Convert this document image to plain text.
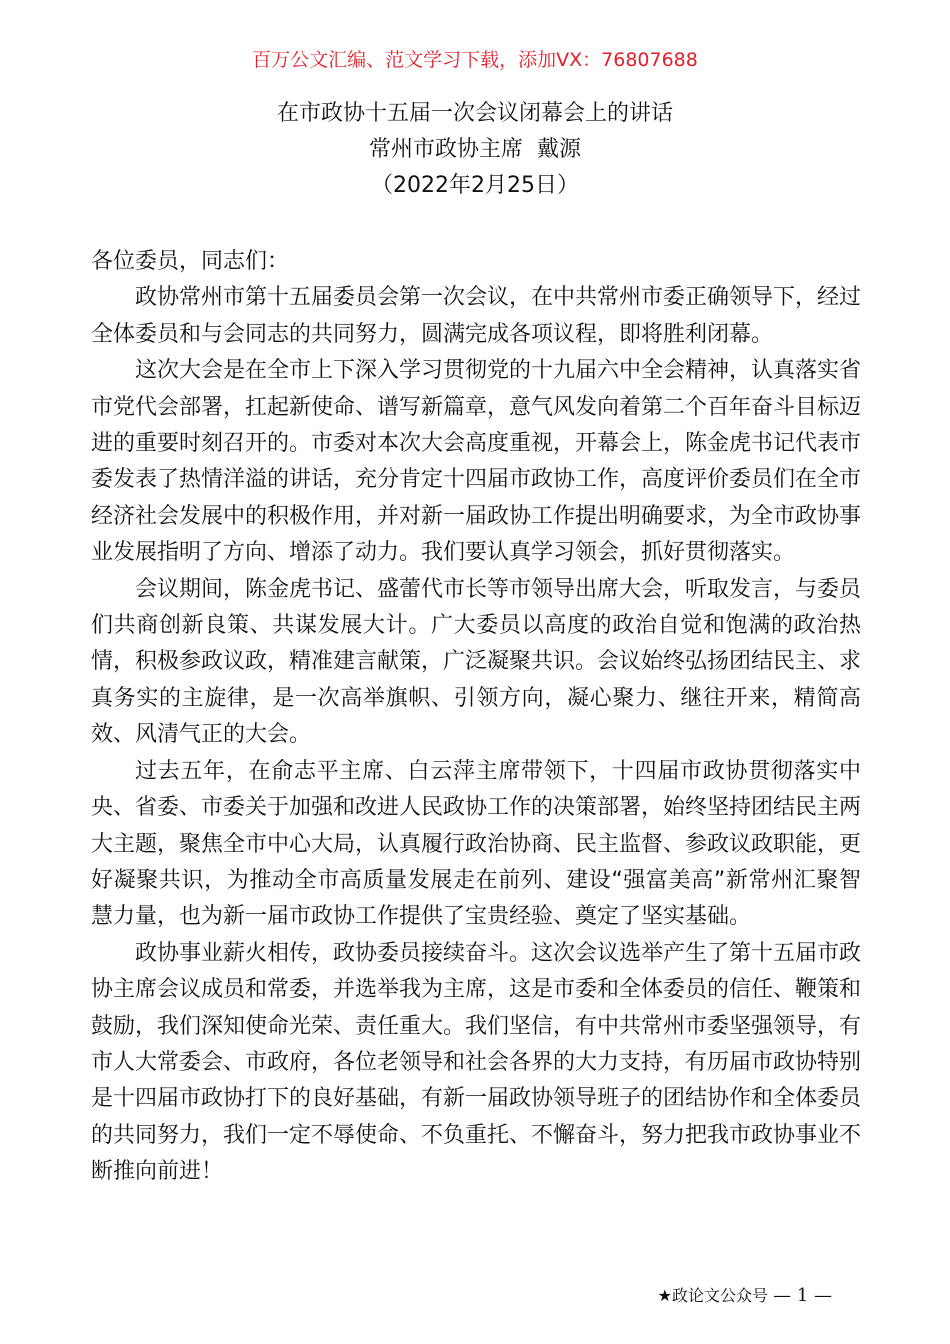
百万公文汇编、范文学习下载，添加VX：76807688
在市政协十五届一次会议闭幕会上的讲话
常州市政协主席  戴源
（2022年2月25日）

各位委员，同志们：

政协常州市第十五届委员会第一次会议，在中共常州市委正确领导下，经过全体委员和与会同志的共同努力，圆满完成各项议程，即将胜利闭幕。

这次大会是在全市上下深入学习贯彻党的十九届六中全会精神，认真落实省市党代会部署，扛起新使命、谱写新篇章，意气风发向着第二个百年奋斗目标迈进的重要时刻召开的。市委对本次大会高度重视，开幕会上，陈金虎书记代表市委发表了热情洋溢的讲话，充分肯定十四届市政协工作，高度评价委员们在全市经济社会发展中的积极作用，并对新一届政协工作提出明确要求，为全市政协事业发展指明了方向、增添了动力。我们要认真学习领会，抓好贯彻落实。

会议期间，陈金虎书记、盛蕾代市长等市领导出席大会，听取发言，与委员们共商创新良策、共谋发展大计。广大委员以高度的政治自觉和饱满的政治热情，积极参政议政，精准建言献策，广泛凝聚共识。会议始终弘扬团结民主、求真务实的主旋律，是一次高举旗帜、引领方向，凝心聚力、继往开来，精简高效、风清气正的大会。

过去五年，在俞志平主席、白云萍主席带领下，十四届市政协贯彻落实中央、省委、市委关于加强和改进人民政协工作的决策部署，始终坚持团结民主两大主题，聚焦全市中心大局，认真履行政治协商、民主监督、参政议政职能，更好凝聚共识，为推动全市高质量发展走在前列、建设“强富美高”新常州汇聚智慧力量，也为新一届市政协工作提供了宝贵经验、奠定了坚实基础。

政协事业薪火相传，政协委员接续奋斗。这次会议选举产生了第十五届市政协主席会议成员和常委，并选举我为主席，这是市委和全体委员的信任、鞭策和鼓励，我们深知使命光荣、责任重大。我们坚信，有中共常州市委坚强领导，有市人大常委会、市政府，各位老领导和社会各界的大力支持，有历届市政协特别是十四届市政协打下的良好基础，有新一届政协领导班子的团结协作和全体委员的共同努力，我们一定不辱使命、不负重托、不懈奋斗，努力把我市政协事业不断推向前进！

★政论文公众号 — 1 —
